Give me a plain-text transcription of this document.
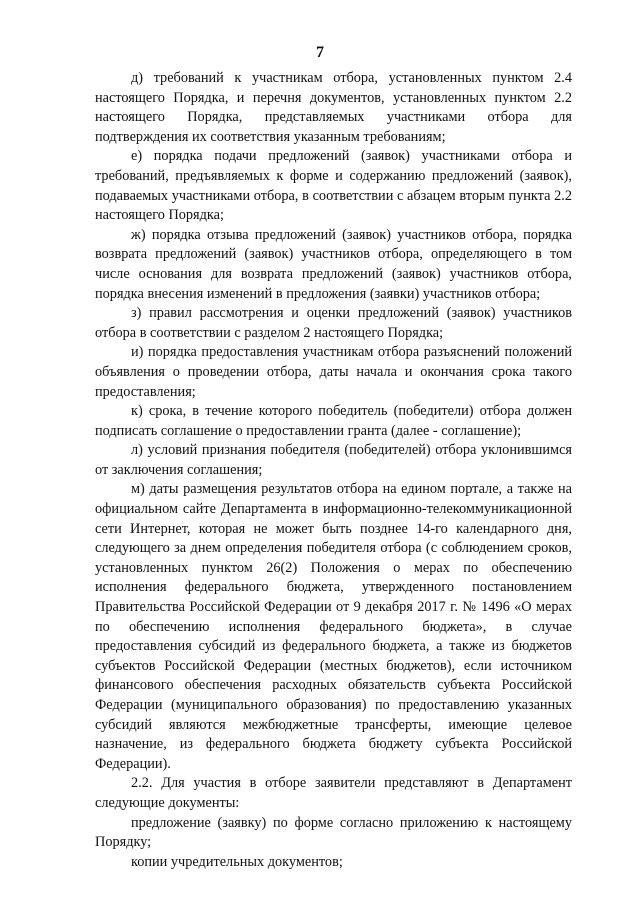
7

д) требований к участникам отбора, установленных пунктом 2.4 настоящего Порядка, и перечня документов, установленных пунктом 2.2 настоящего Порядка, представляемых участниками отбора для подтверждения их соответствия указанным требованиям;

е) порядка подачи предложений (заявок) участниками отбора и требований, предъявляемых к форме и содержанию предложений (заявок), подаваемых участниками отбора, в соответствии с абзацем вторым пункта 2.2 настоящего Порядка;

ж) порядка отзыва предложений (заявок) участников отбора, порядка возврата предложений (заявок) участников отбора, определяющего в том числе основания для возврата предложений (заявок) участников отбора, порядка внесения изменений в предложения (заявки) участников отбора;

з) правил рассмотрения и оценки предложений (заявок) участников отбора в соответствии с разделом 2 настоящего Порядка;

и) порядка предоставления участникам отбора разъяснений положений объявления о проведении отбора, даты начала и окончания срока такого предоставления;

к) срока, в течение которого победитель (победители) отбора должен подписать соглашение о предоставлении гранта (далее - соглашение);

л) условий признания победителя (победителей) отбора уклонившимся от заключения соглашения;

м) даты размещения результатов отбора на едином портале, а также на официальном сайте Департамента в информационно-телекоммуникационной сети Интернет, которая не может быть позднее 14-го календарного дня, следующего за днем определения победителя отбора (с соблюдением сроков, установленных пунктом 26(2) Положения о мерах по обеспечению исполнения федерального бюджета, утвержденного постановлением Правительства Российской Федерации от 9 декабря 2017 г. № 1496 «О мерах по обеспечению исполнения федерального бюджета», в случае предоставления субсидий из федерального бюджета, а также из бюджетов субъектов Российской Федерации (местных бюджетов), если источником финансового обеспечения расходных обязательств субъекта Российской Федерации (муниципального образования) по предоставлению указанных субсидий являются межбюджетные трансферты, имеющие целевое назначение, из федерального бюджета бюджету субъекта Российской Федерации).

2.2. Для участия в отборе заявители представляют в Департамент следующие документы:

предложение (заявку) по форме согласно приложению к настоящему Порядку;

копии учредительных документов;
